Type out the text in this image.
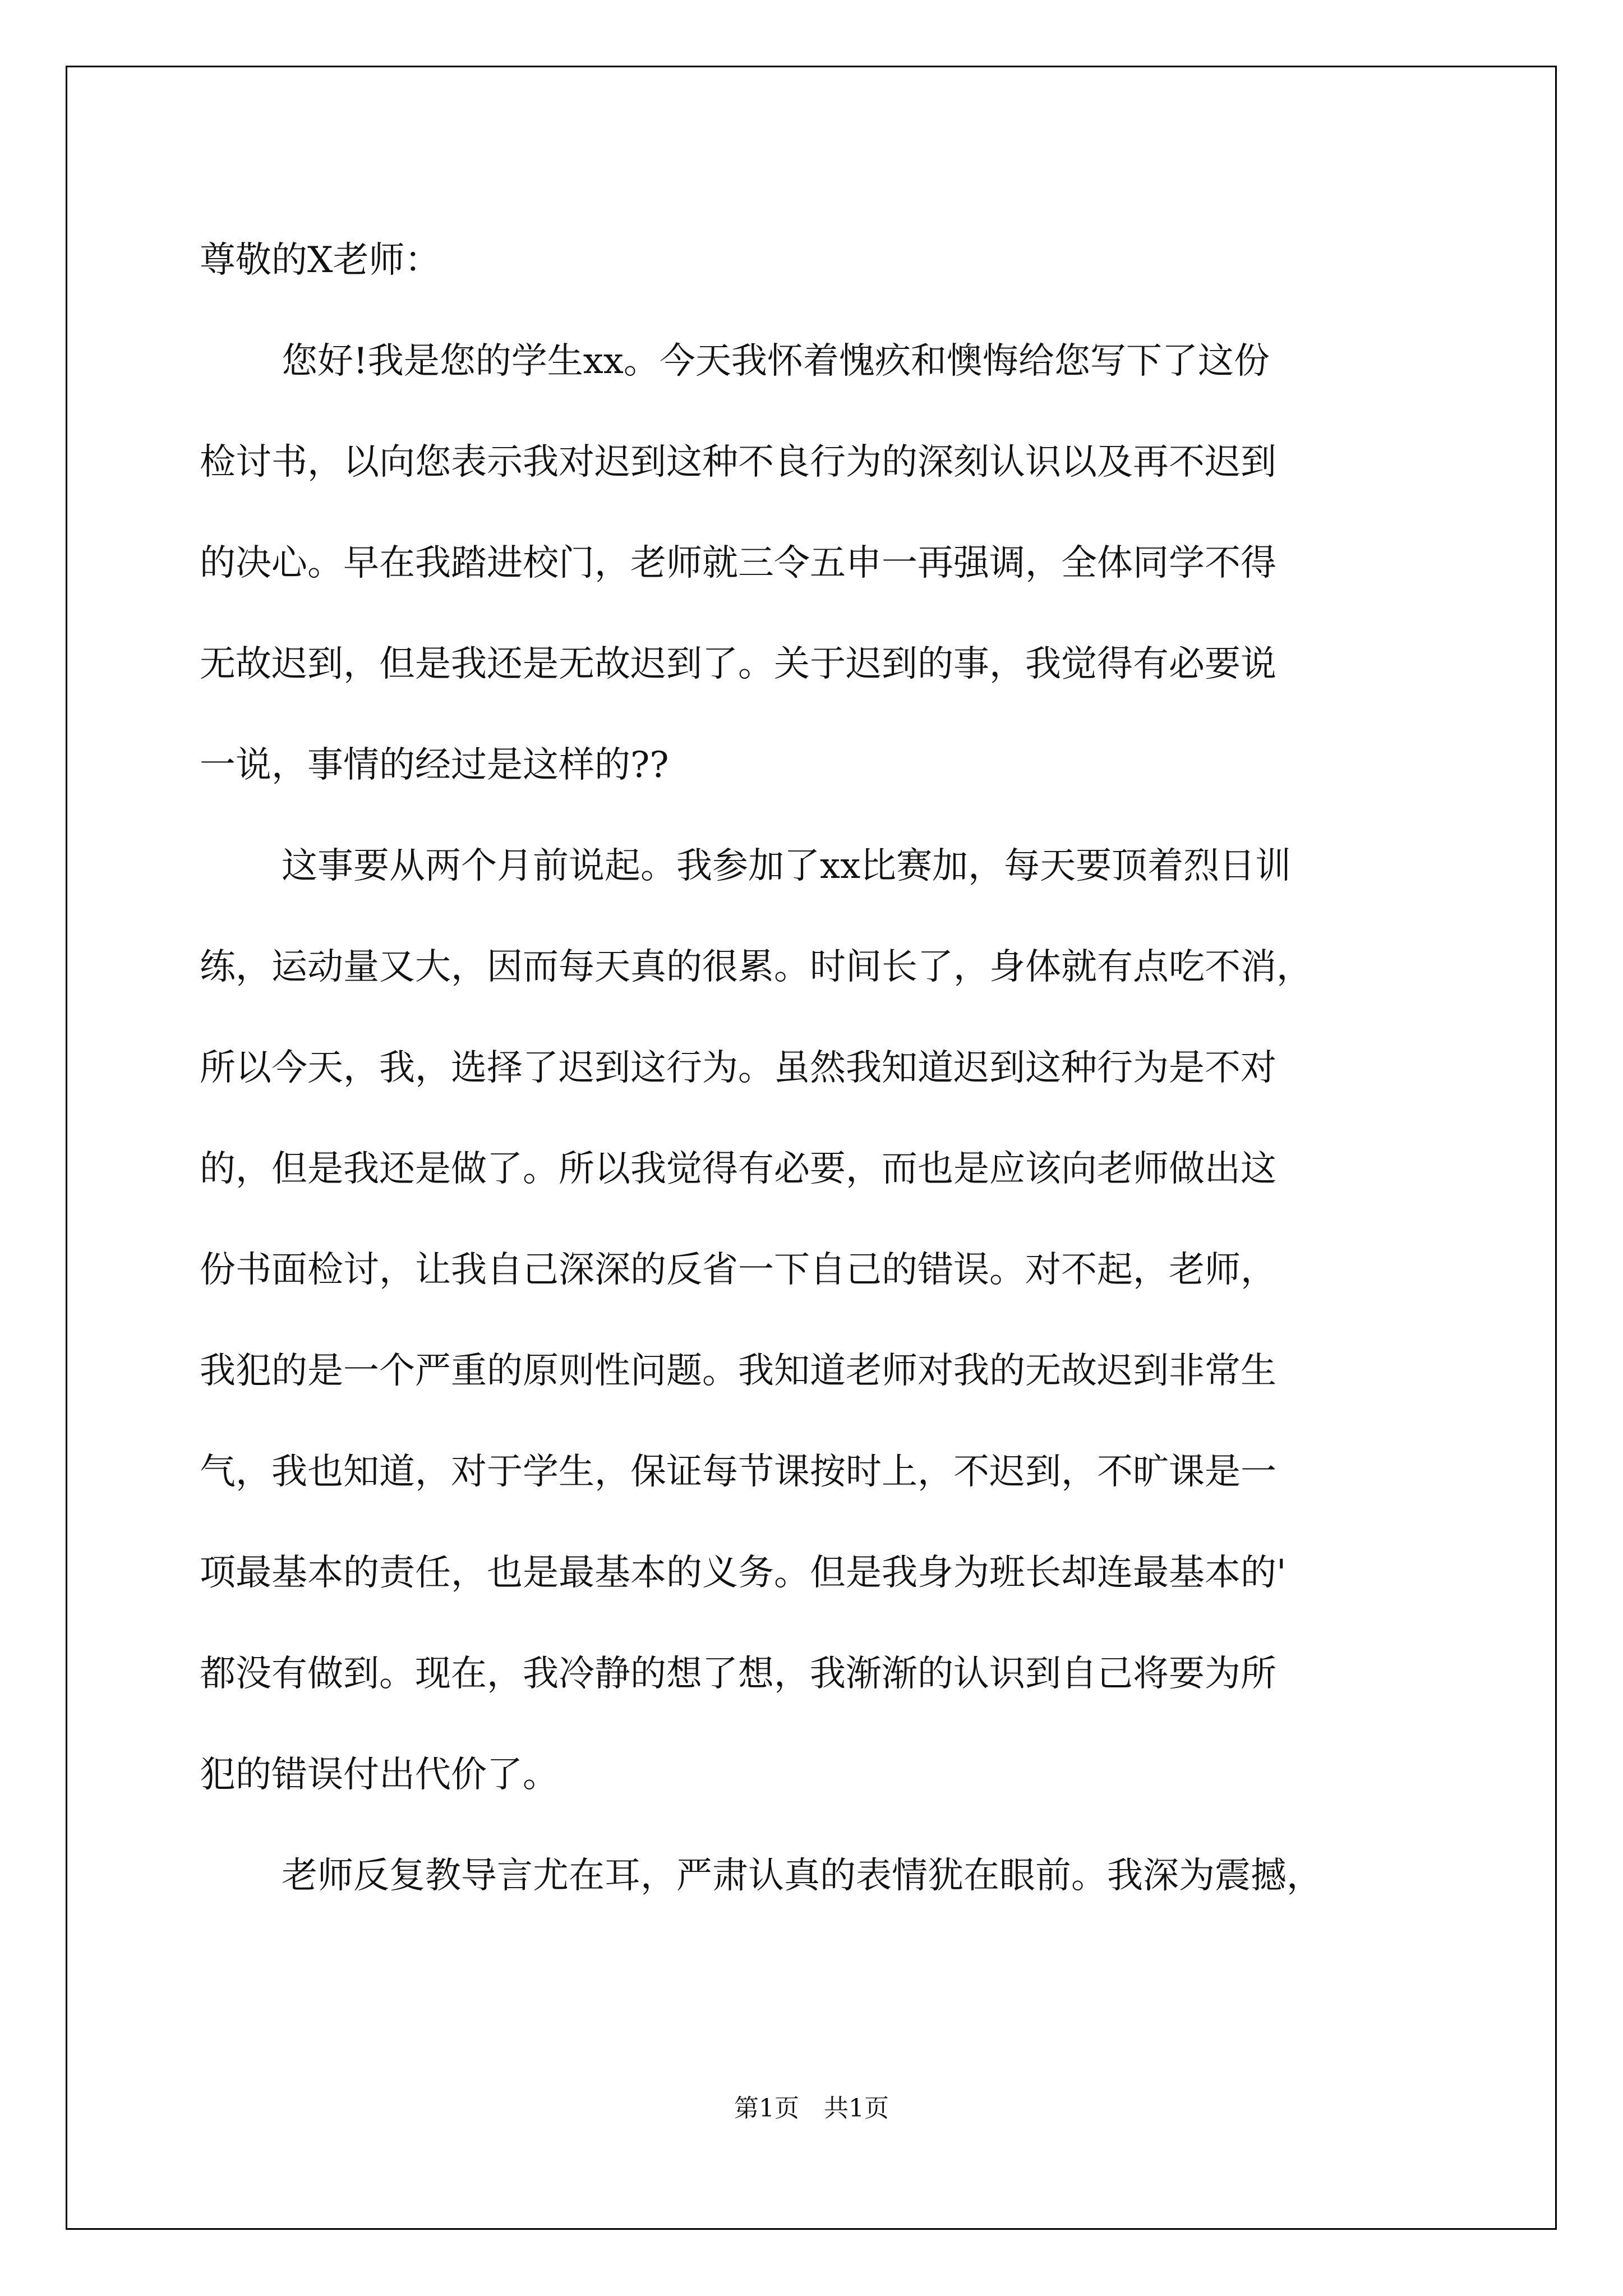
尊敬的X老师：
您好!我是您的学生xx。今天我怀着愧疚和懊悔给您写下了这份
检讨书，以向您表示我对迟到这种不良行为的深刻认识以及再不迟到
的决心。早在我踏进校门，老师就三令五申一再强调，全体同学不得
无故迟到，但是我还是无故迟到了。关于迟到的事，我觉得有必要说
一说，事情的经过是这样的??
这事要从两个月前说起。我参加了xx比赛加，每天要顶着烈日训
练，运动量又大，因而每天真的很累。时间长了，身体就有点吃不消，
所以今天，我，选择了迟到这行为。虽然我知道迟到这种行为是不对
的，但是我还是做了。所以我觉得有必要，而也是应该向老师做出这
份书面检讨，让我自己深深的反省一下自己的错误。对不起，老师，
我犯的是一个严重的原则性问题。我知道老师对我的无故迟到非常生
气，我也知道，对于学生，保证每节课按时上，不迟到，不旷课是一
项最基本的责任，也是最基本的义务。但是我身为班长却连最基本的'
都没有做到。现在，我冷静的想了想，我渐渐的认识到自己将要为所
犯的错误付出代价了。
老师反复教导言尤在耳，严肃认真的表情犹在眼前。我深为震撼，
第1页　共1页
